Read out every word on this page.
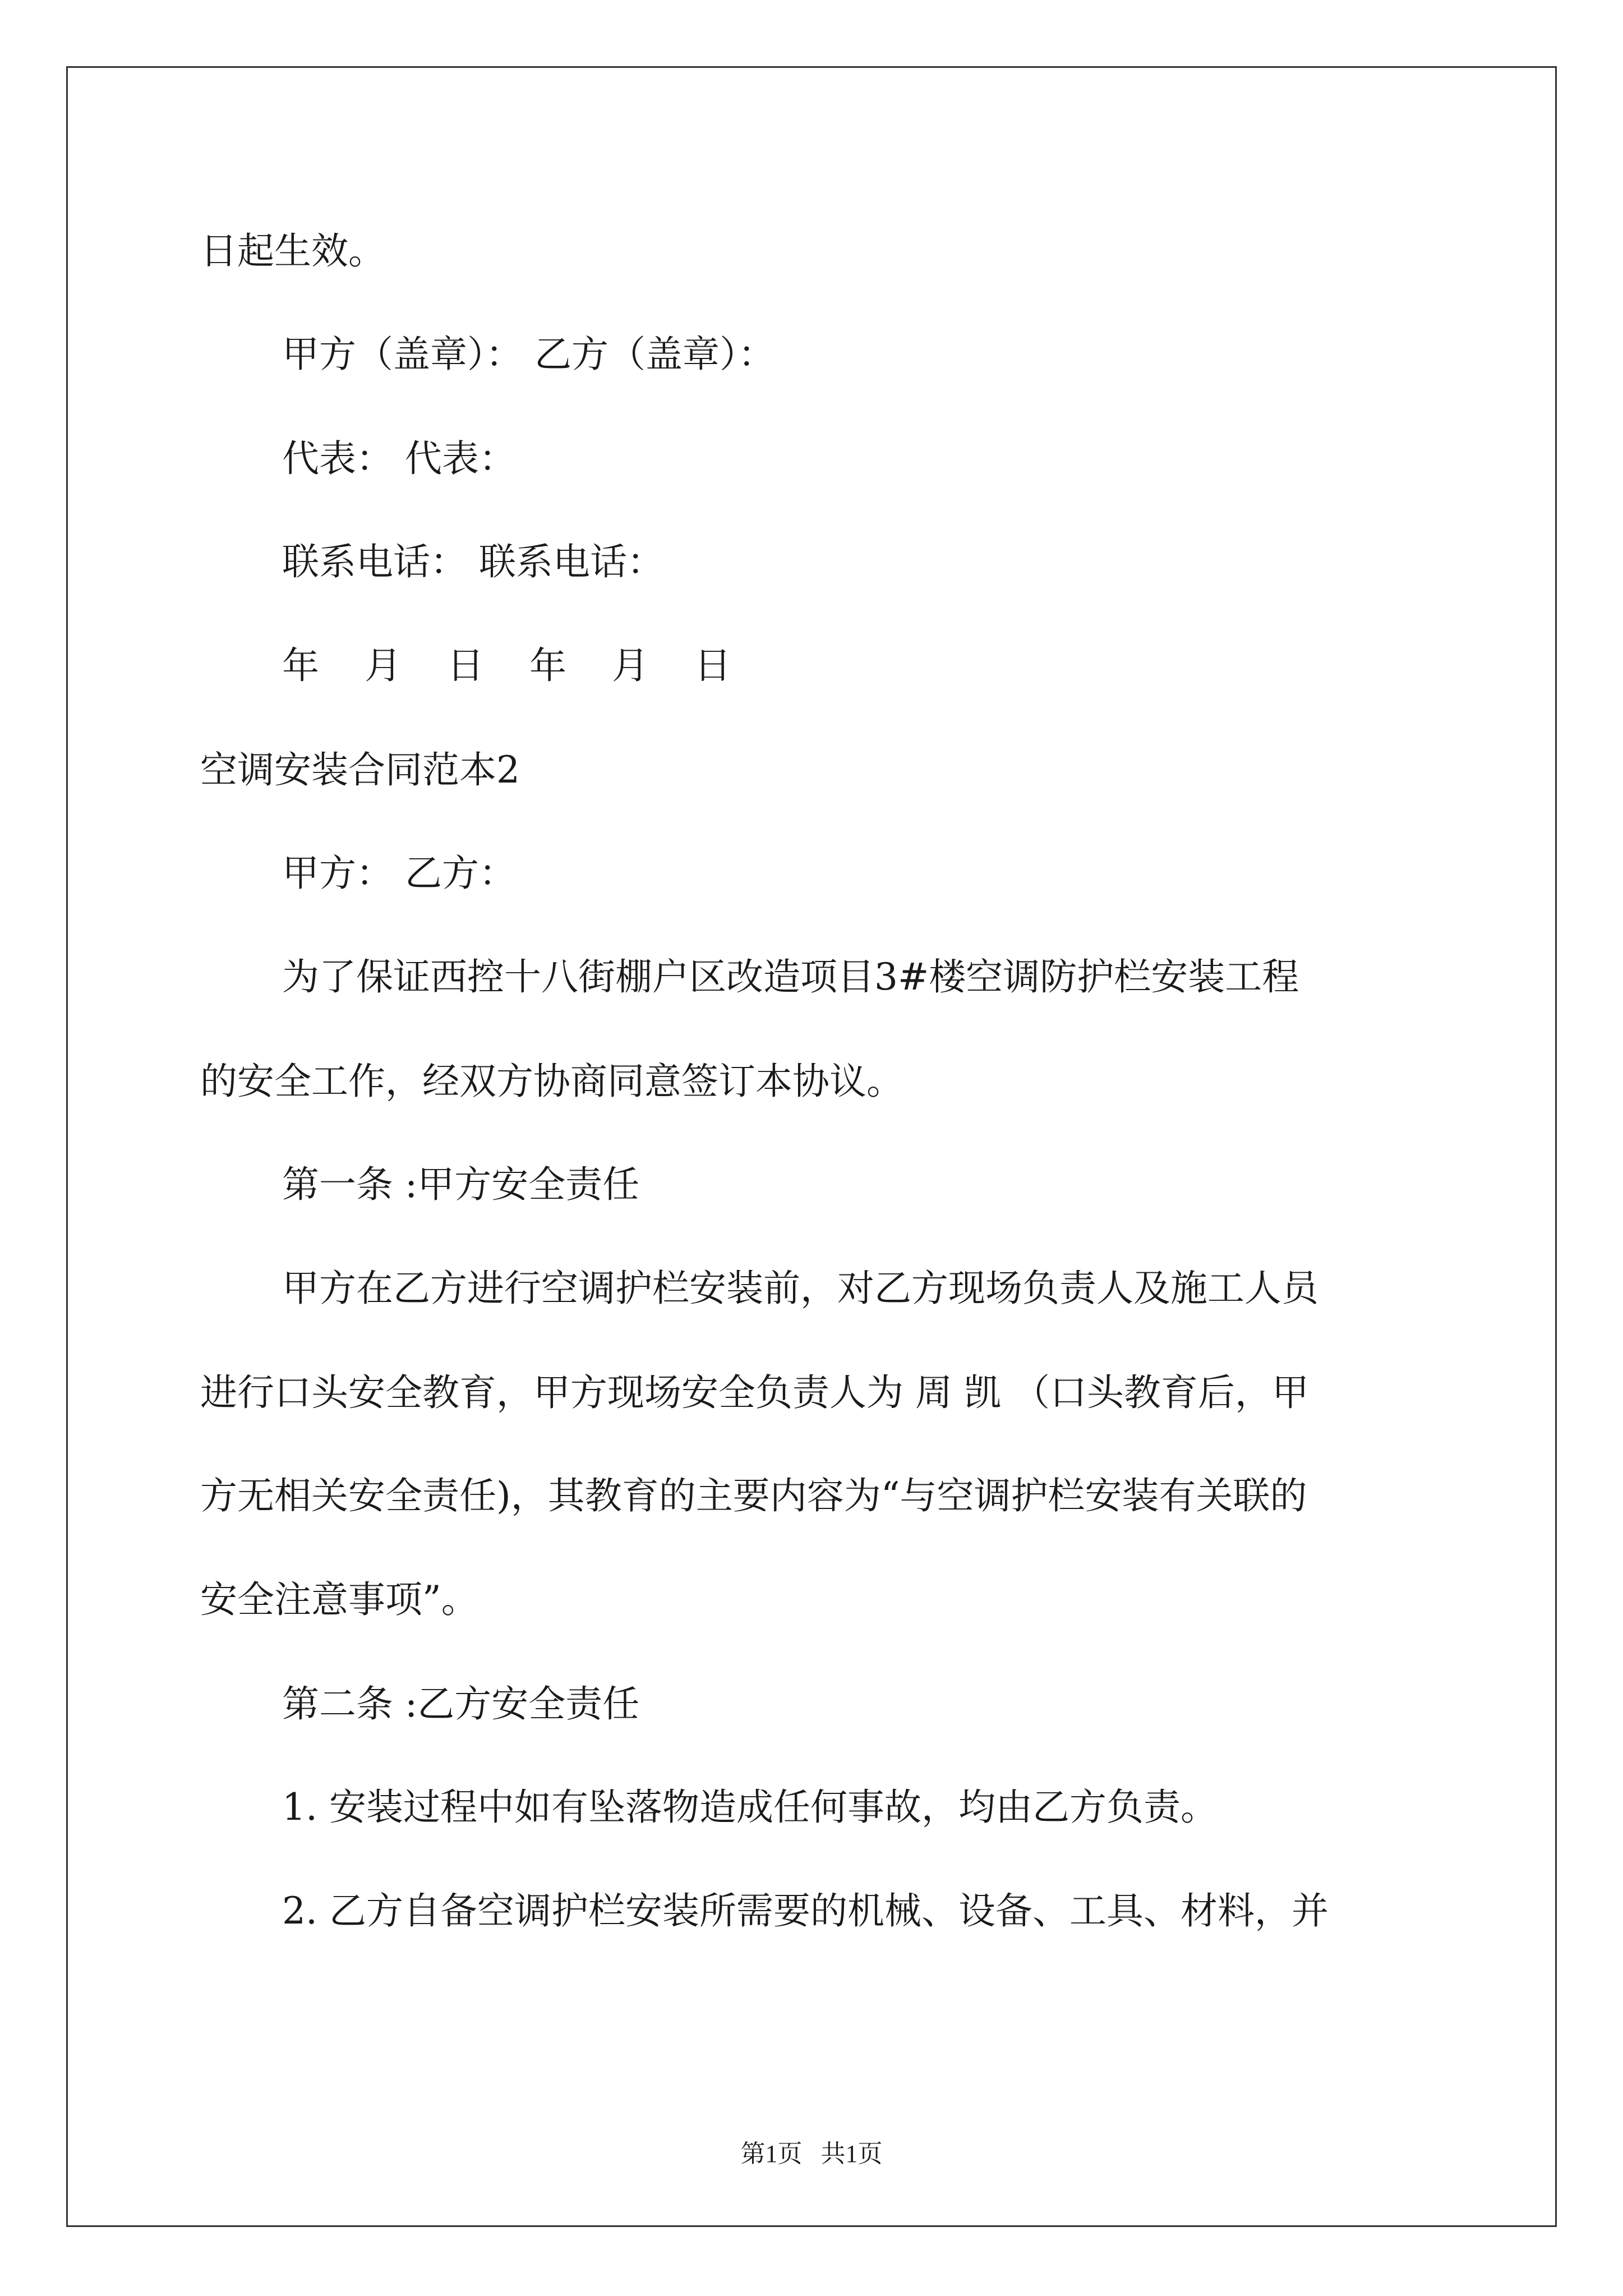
日起生效。

甲方（盖章）： 乙方（盖章）：

代表： 代表：

联系电话： 联系电话：

年 月 日 年 月 日

空调安装合同范本2

甲方： 乙方：

为了保证西控十八街棚户区改造项目3#楼空调防护栏安装工程

的安全工作，经双方协商同意签订本协议。

第一条 :甲方安全责任

甲方在乙方进行空调护栏安装前，对乙方现场负责人及施工人员

进行口头安全教育，甲方现场安全负责人为 周 凯 （口头教育后，甲

方无相关安全责任)，其教育的主要内容为“与空调护栏安装有关联的

安全注意事项”。

第二条 :乙方安全责任

1. 安装过程中如有坠落物造成任何事故，均由乙方负责。

2. 乙方自备空调护栏安装所需要的机械、设备、工具、材料，并

第1页   共1页
